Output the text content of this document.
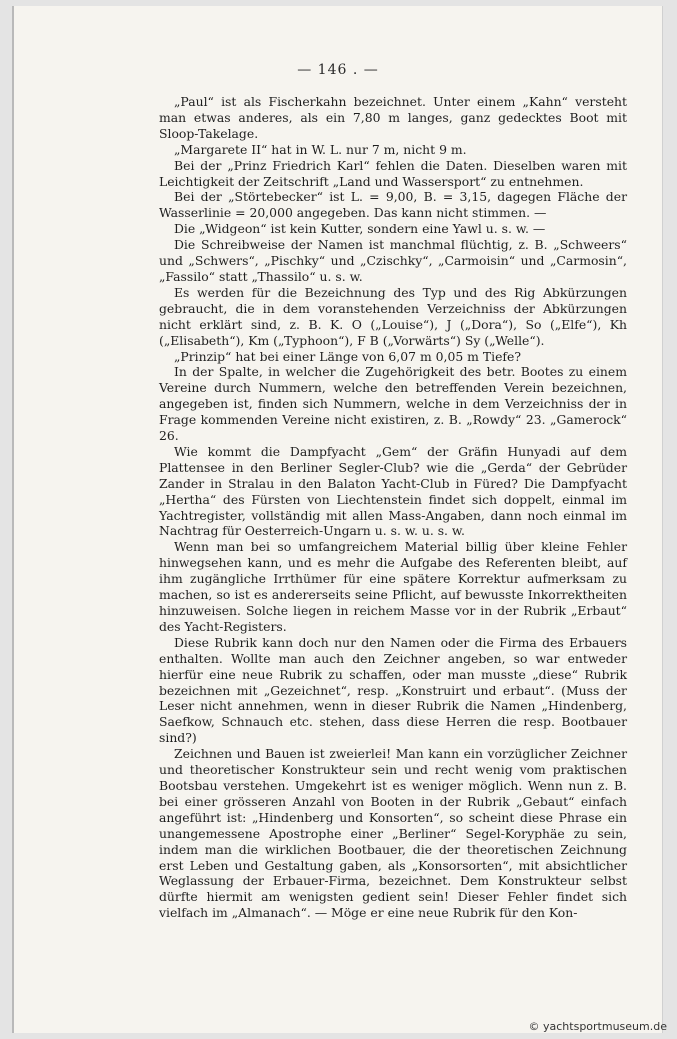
— 146 . —

„Paul“ ist als Fischerkahn bezeichnet. Unter einem „Kahn“ versteht man etwas anderes, als ein 7,80 m langes, ganz gedecktes Boot mit Sloop-Takelage.

„Margarete II“ hat in W. L. nur 7 m, nicht 9 m.

Bei der „Prinz Friedrich Karl“ fehlen die Daten. Dieselben waren mit Leichtigkeit der Zeitschrift „Land und Wassersport“ zu entnehmen.

Bei der „Störtebecker“ ist L. = 9,00, B. = 3,15, dagegen Fläche der Wasserlinie = 20,000 angegeben. Das kann nicht stimmen. —

Die „Widgeon“ ist kein Kutter, sondern eine Yawl u. s. w. —

Die Schreibweise der Namen ist manchmal flüchtig, z. B. „Schweers“ und „Schwers“, „Pischky“ und „Czischky“, „Carmoisin“ und „Carmosin“, „Fassilo“ statt „Thassilo“ u. s. w.

Es werden für die Bezeichnung des Typ und des Rig Abkürzungen gebraucht, die in dem voranstehenden Verzeichniss der Abkürzungen nicht erklärt sind, z. B. K. O („Louise“), J („Dora“), So („Elfe“), Kh („Elisabeth“), Km („Typhoon“), F B („Vorwärts“) Sy („Welle“).

„Prinzip“ hat bei einer Länge von 6,07 m 0,05 m Tiefe?

In der Spalte, in welcher die Zugehörigkeit des betr. Bootes zu einem Vereine durch Nummern, welche den betreffenden Verein bezeichnen, angegeben ist, finden sich Nummern, welche in dem Verzeichniss der in Frage kommenden Vereine nicht existiren, z. B. „Rowdy“ 23. „Gamerock“ 26.

Wie kommt die Dampfyacht „Gem“ der Gräfin Hunyadi auf dem Plattensee in den Berliner Segler-Club? wie die „Gerda“ der Gebrüder Zander in Stralau in den Balaton Yacht-Club in Füred? Die Dampfyacht „Hertha“ des Fürsten von Liechtenstein findet sich doppelt, einmal im Yachtregister, vollständig mit allen Mass-Angaben, dann noch einmal im Nachtrag für Oesterreich-Ungarn u. s. w. u. s. w.

Wenn man bei so umfangreichem Material billig über kleine Fehler hinwegsehen kann, und es mehr die Aufgabe des Referenten bleibt, auf ihm zugängliche Irrthümer für eine spätere Korrektur aufmerksam zu machen, so ist es andererseits seine Pflicht, auf bewusste Inkorrektheiten hinzuweisen. Solche liegen in reichem Masse vor in der Rubrik „Erbaut“ des Yacht-Registers.

Diese Rubrik kann doch nur den Namen oder die Firma des Erbauers enthalten. Wollte man auch den Zeichner angeben, so war entweder hierfür eine neue Rubrik zu schaffen, oder man musste „diese“ Rubrik bezeichnen mit „Gezeichnet“, resp. „Konstruirt und erbaut“. (Muss der Leser nicht annehmen, wenn in dieser Rubrik die Namen „Hindenberg, Saefkow, Schnauch etc. stehen, dass diese Herren die resp. Bootbauer sind?)

Zeichnen und Bauen ist zweierlei! Man kann ein vorzüglicher Zeichner und theoretischer Konstrukteur sein und recht wenig vom praktischen Bootsbau verstehen. Umgekehrt ist es weniger möglich. Wenn nun z. B. bei einer grösseren Anzahl von Booten in der Rubrik „Gebaut“ einfach angeführt ist: „Hindenberg und Konsorten“, so scheint diese Phrase ein unangemessene Apostrophe einer „Berliner“ Segel-Koryphäe zu sein, indem man die wirklichen Bootbauer, die der theoretischen Zeichnung erst Leben und Gestaltung gaben, als „Konsorsorten“, mit absichtlicher Weglassung der Erbauer-Firma, bezeichnet. Dem Konstrukteur selbst dürfte hiermit am wenigsten gedient sein! Dieser Fehler findet sich vielfach im „Almanach“. — Möge er eine neue Rubrik für den Kon-

© yachtsportmuseum.de
